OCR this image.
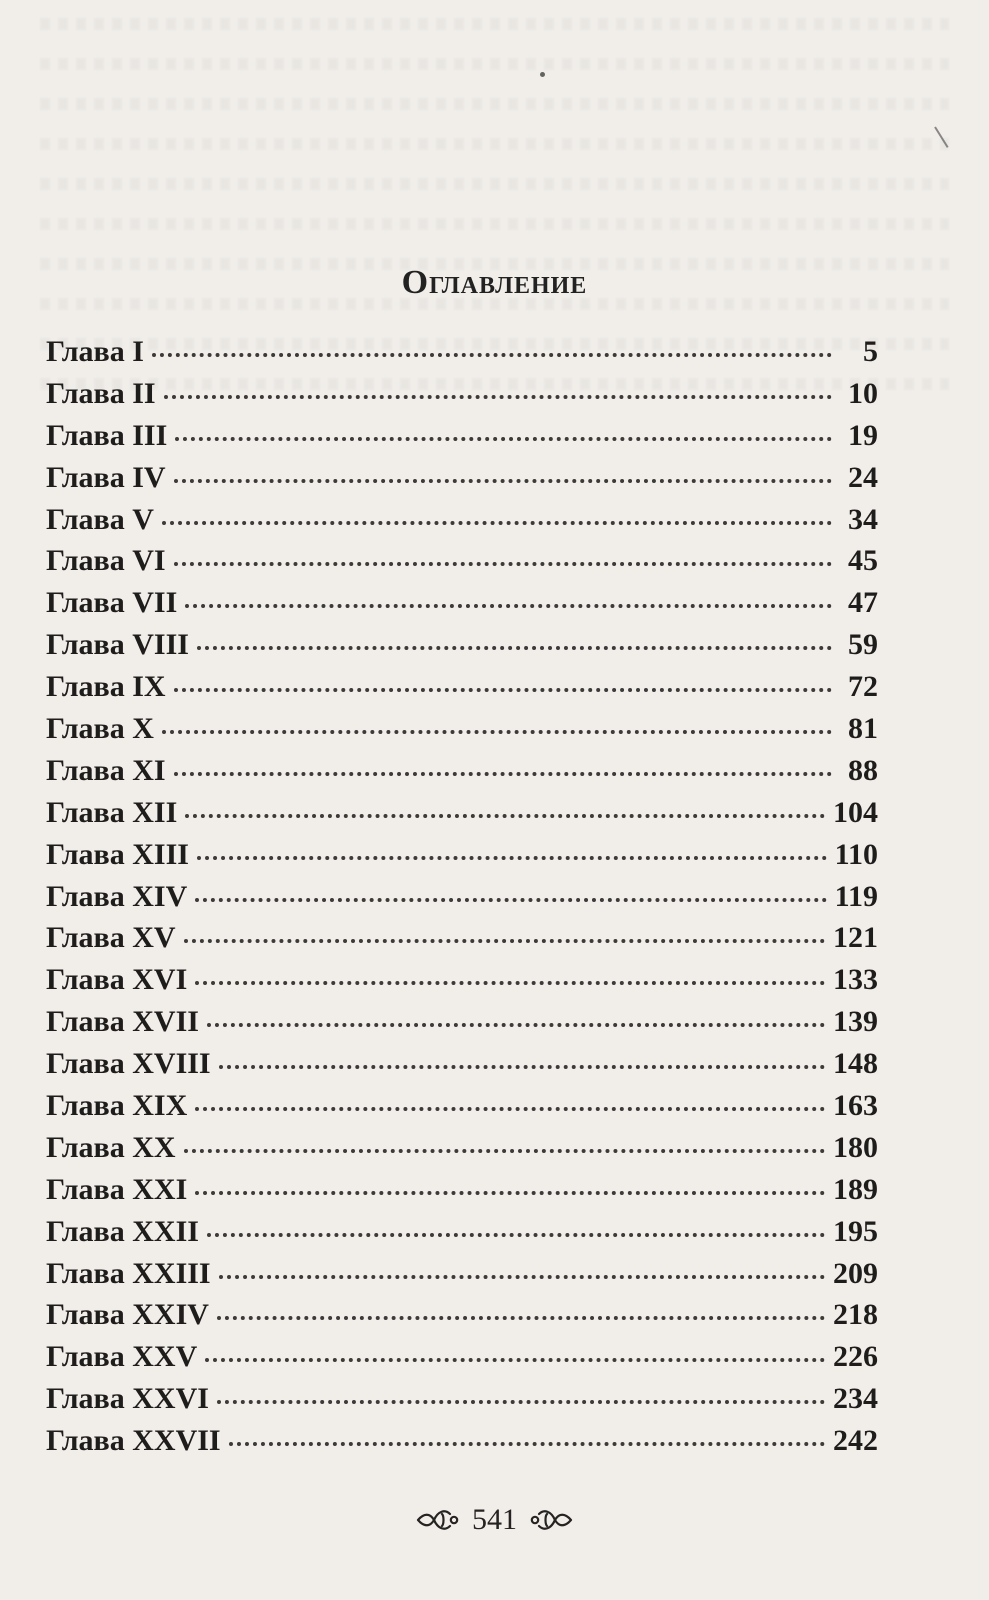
Оглавление
Глава I	5
Глава II	10
Глава III	19
Глава IV	24
Глава V	34
Глава VI	45
Глава VII	47
Глава VIII	59
Глава IX	72
Глава X	81
Глава XI	88
Глава XII	104
Глава XIII	110
Глава XIV	119
Глава XV	121
Глава XVI	133
Глава XVII	139
Глава XVIII	148
Глава XIX	163
Глава XX	180
Глава XXI	189
Глава XXII	195
Глава XXIII	209
Глава XXIV	218
Глава XXV	226
Глава XXVI	234
Глава XXVII	242
541
